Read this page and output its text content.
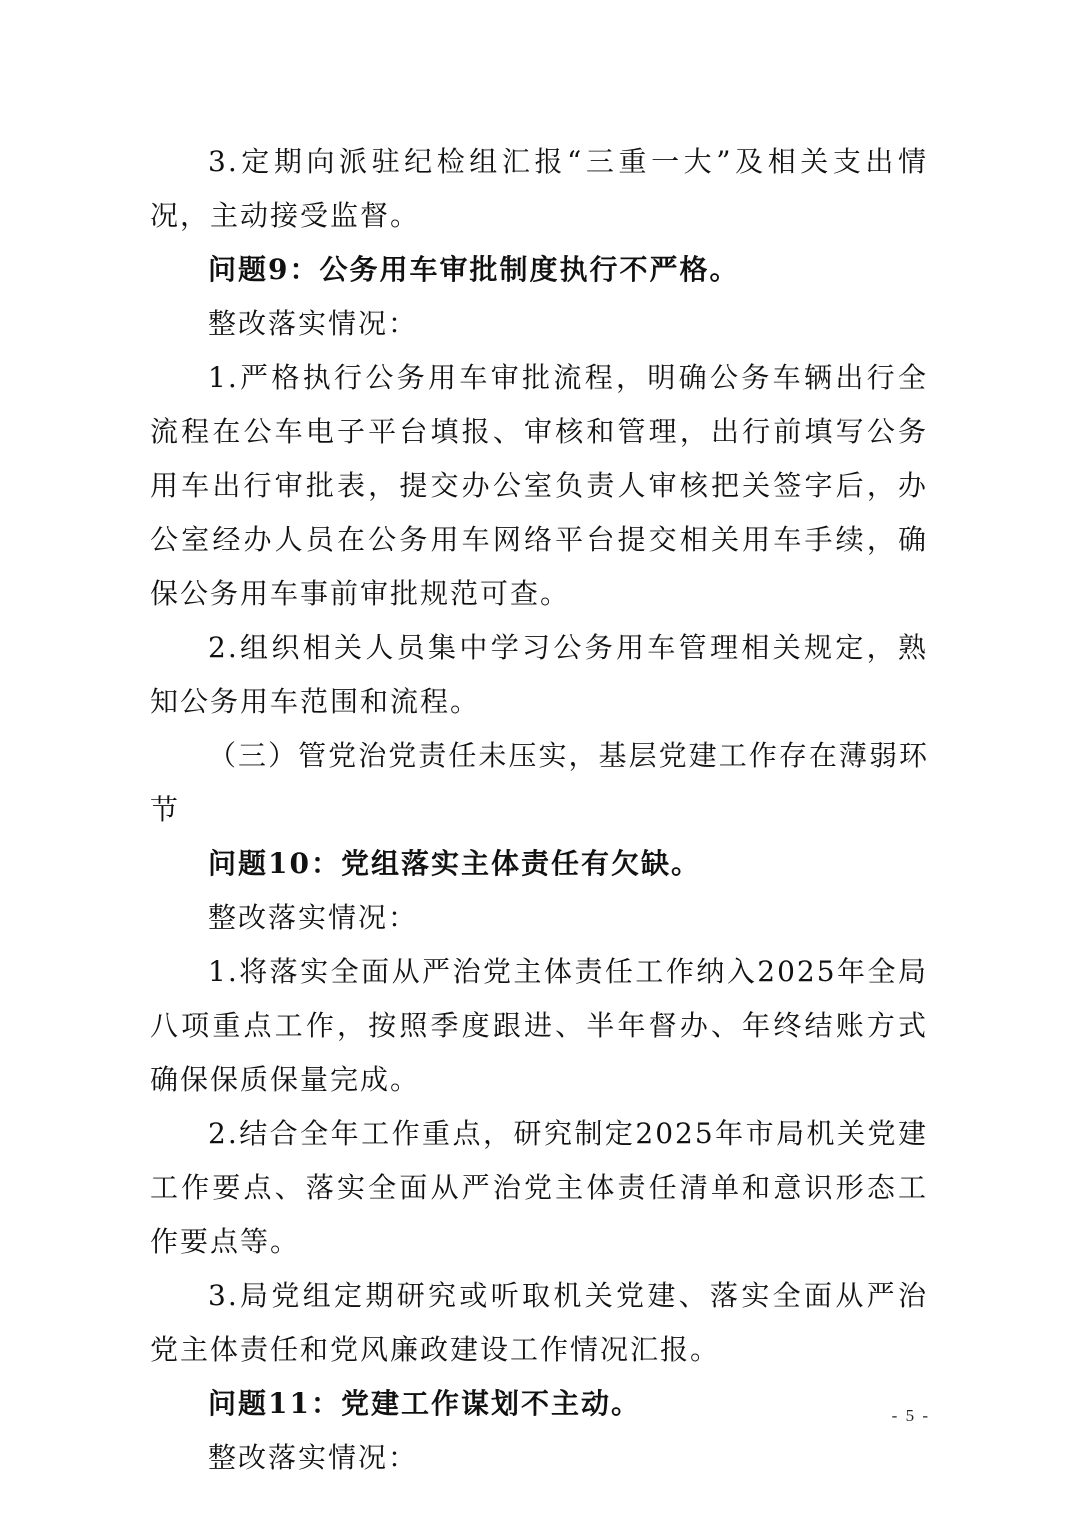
3.定期向派驻纪检组汇报“三重一大”及相关支出情况，主动接受监督。

问题9：公务用车审批制度执行不严格。

整改落实情况：

1.严格执行公务用车审批流程，明确公务车辆出行全流程在公车电子平台填报、审核和管理，出行前填写公务用车出行审批表，提交办公室负责人审核把关签字后，办公室经办人员在公务用车网络平台提交相关用车手续，确保公务用车事前审批规范可查。

2.组织相关人员集中学习公务用车管理相关规定，熟知公务用车范围和流程。

（三）管党治党责任未压实，基层党建工作存在薄弱环节

问题10：党组落实主体责任有欠缺。

整改落实情况：

1.将落实全面从严治党主体责任工作纳入2025年全局八项重点工作，按照季度跟进、半年督办、年终结账方式确保保质保量完成。

2.结合全年工作重点，研究制定2025年市局机关党建工作要点、落实全面从严治党主体责任清单和意识形态工作要点等。

3.局党组定期研究或听取机关党建、落实全面从严治党主体责任和党风廉政建设工作情况汇报。

问题11：党建工作谋划不主动。

整改落实情况：

- 5 -
